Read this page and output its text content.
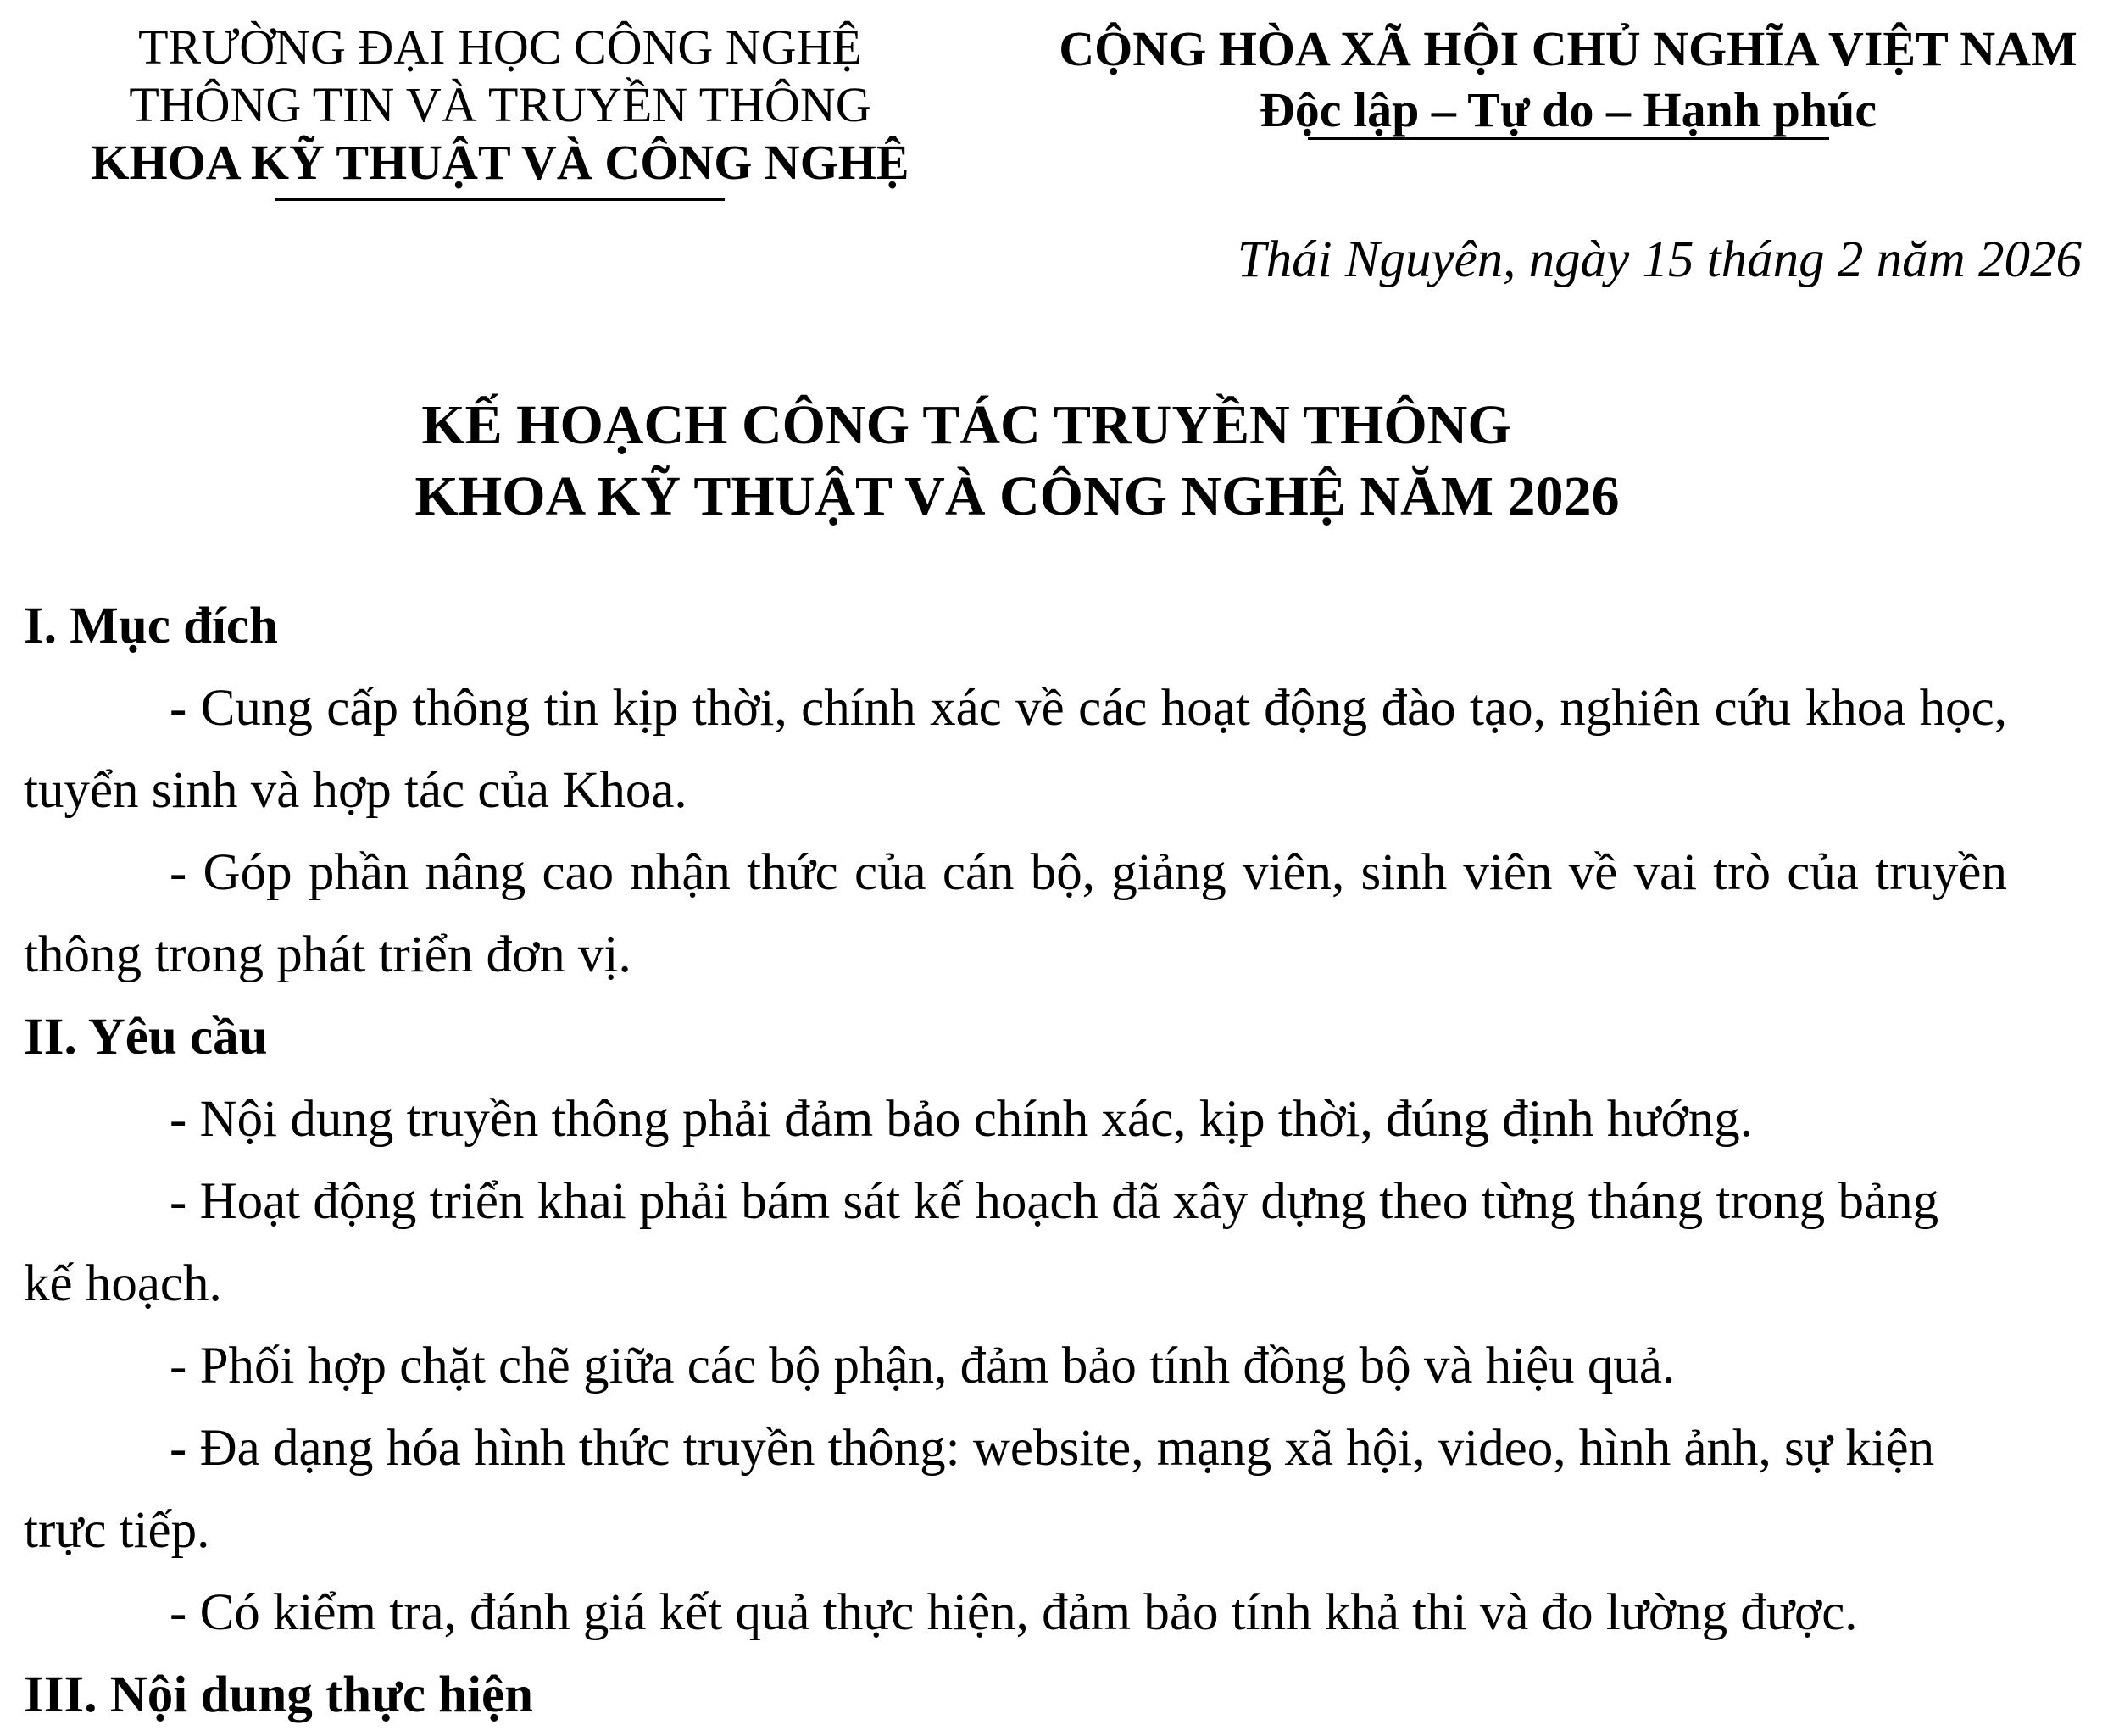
TRƯỜNG ĐẠI HỌC CÔNG NGHỆ
THÔNG TIN VÀ TRUYỀN THÔNG
KHOA KỸ THUẬT VÀ CÔNG NGHỆ
CỘNG HÒA XÃ HỘI CHỦ NGHĨA VIỆT NAM
Độc lập – Tự do – Hạnh phúc
Thái Nguyên, ngày 15 tháng 2 năm 2026
KẾ HOẠCH CÔNG TÁC TRUYỀN THÔNG
KHOA KỸ THUẬT VÀ CÔNG NGHỆ NĂM 2026
I. Mục đích

- Cung cấp thông tin kịp thời, chính xác về các hoạt động đào tạo, nghiên cứu khoa học, tuyển sinh và hợp tác của Khoa.

- Góp phần nâng cao nhận thức của cán bộ, giảng viên, sinh viên về vai trò của truyền thông trong phát triển đơn vị.

II. Yêu cầu

- Nội dung truyền thông phải đảm bảo chính xác, kịp thời, đúng định hướng.

- Hoạt động triển khai phải bám sát kế hoạch đã xây dựng theo từng tháng trong bảng kế hoạch.

- Phối hợp chặt chẽ giữa các bộ phận, đảm bảo tính đồng bộ và hiệu quả.

- Đa dạng hóa hình thức truyền thông: website, mạng xã hội, video, hình ảnh, sự kiện trực tiếp.

- Có kiểm tra, đánh giá kết quả thực hiện, đảm bảo tính khả thi và đo lường được.

III. Nội dung thực hiện
